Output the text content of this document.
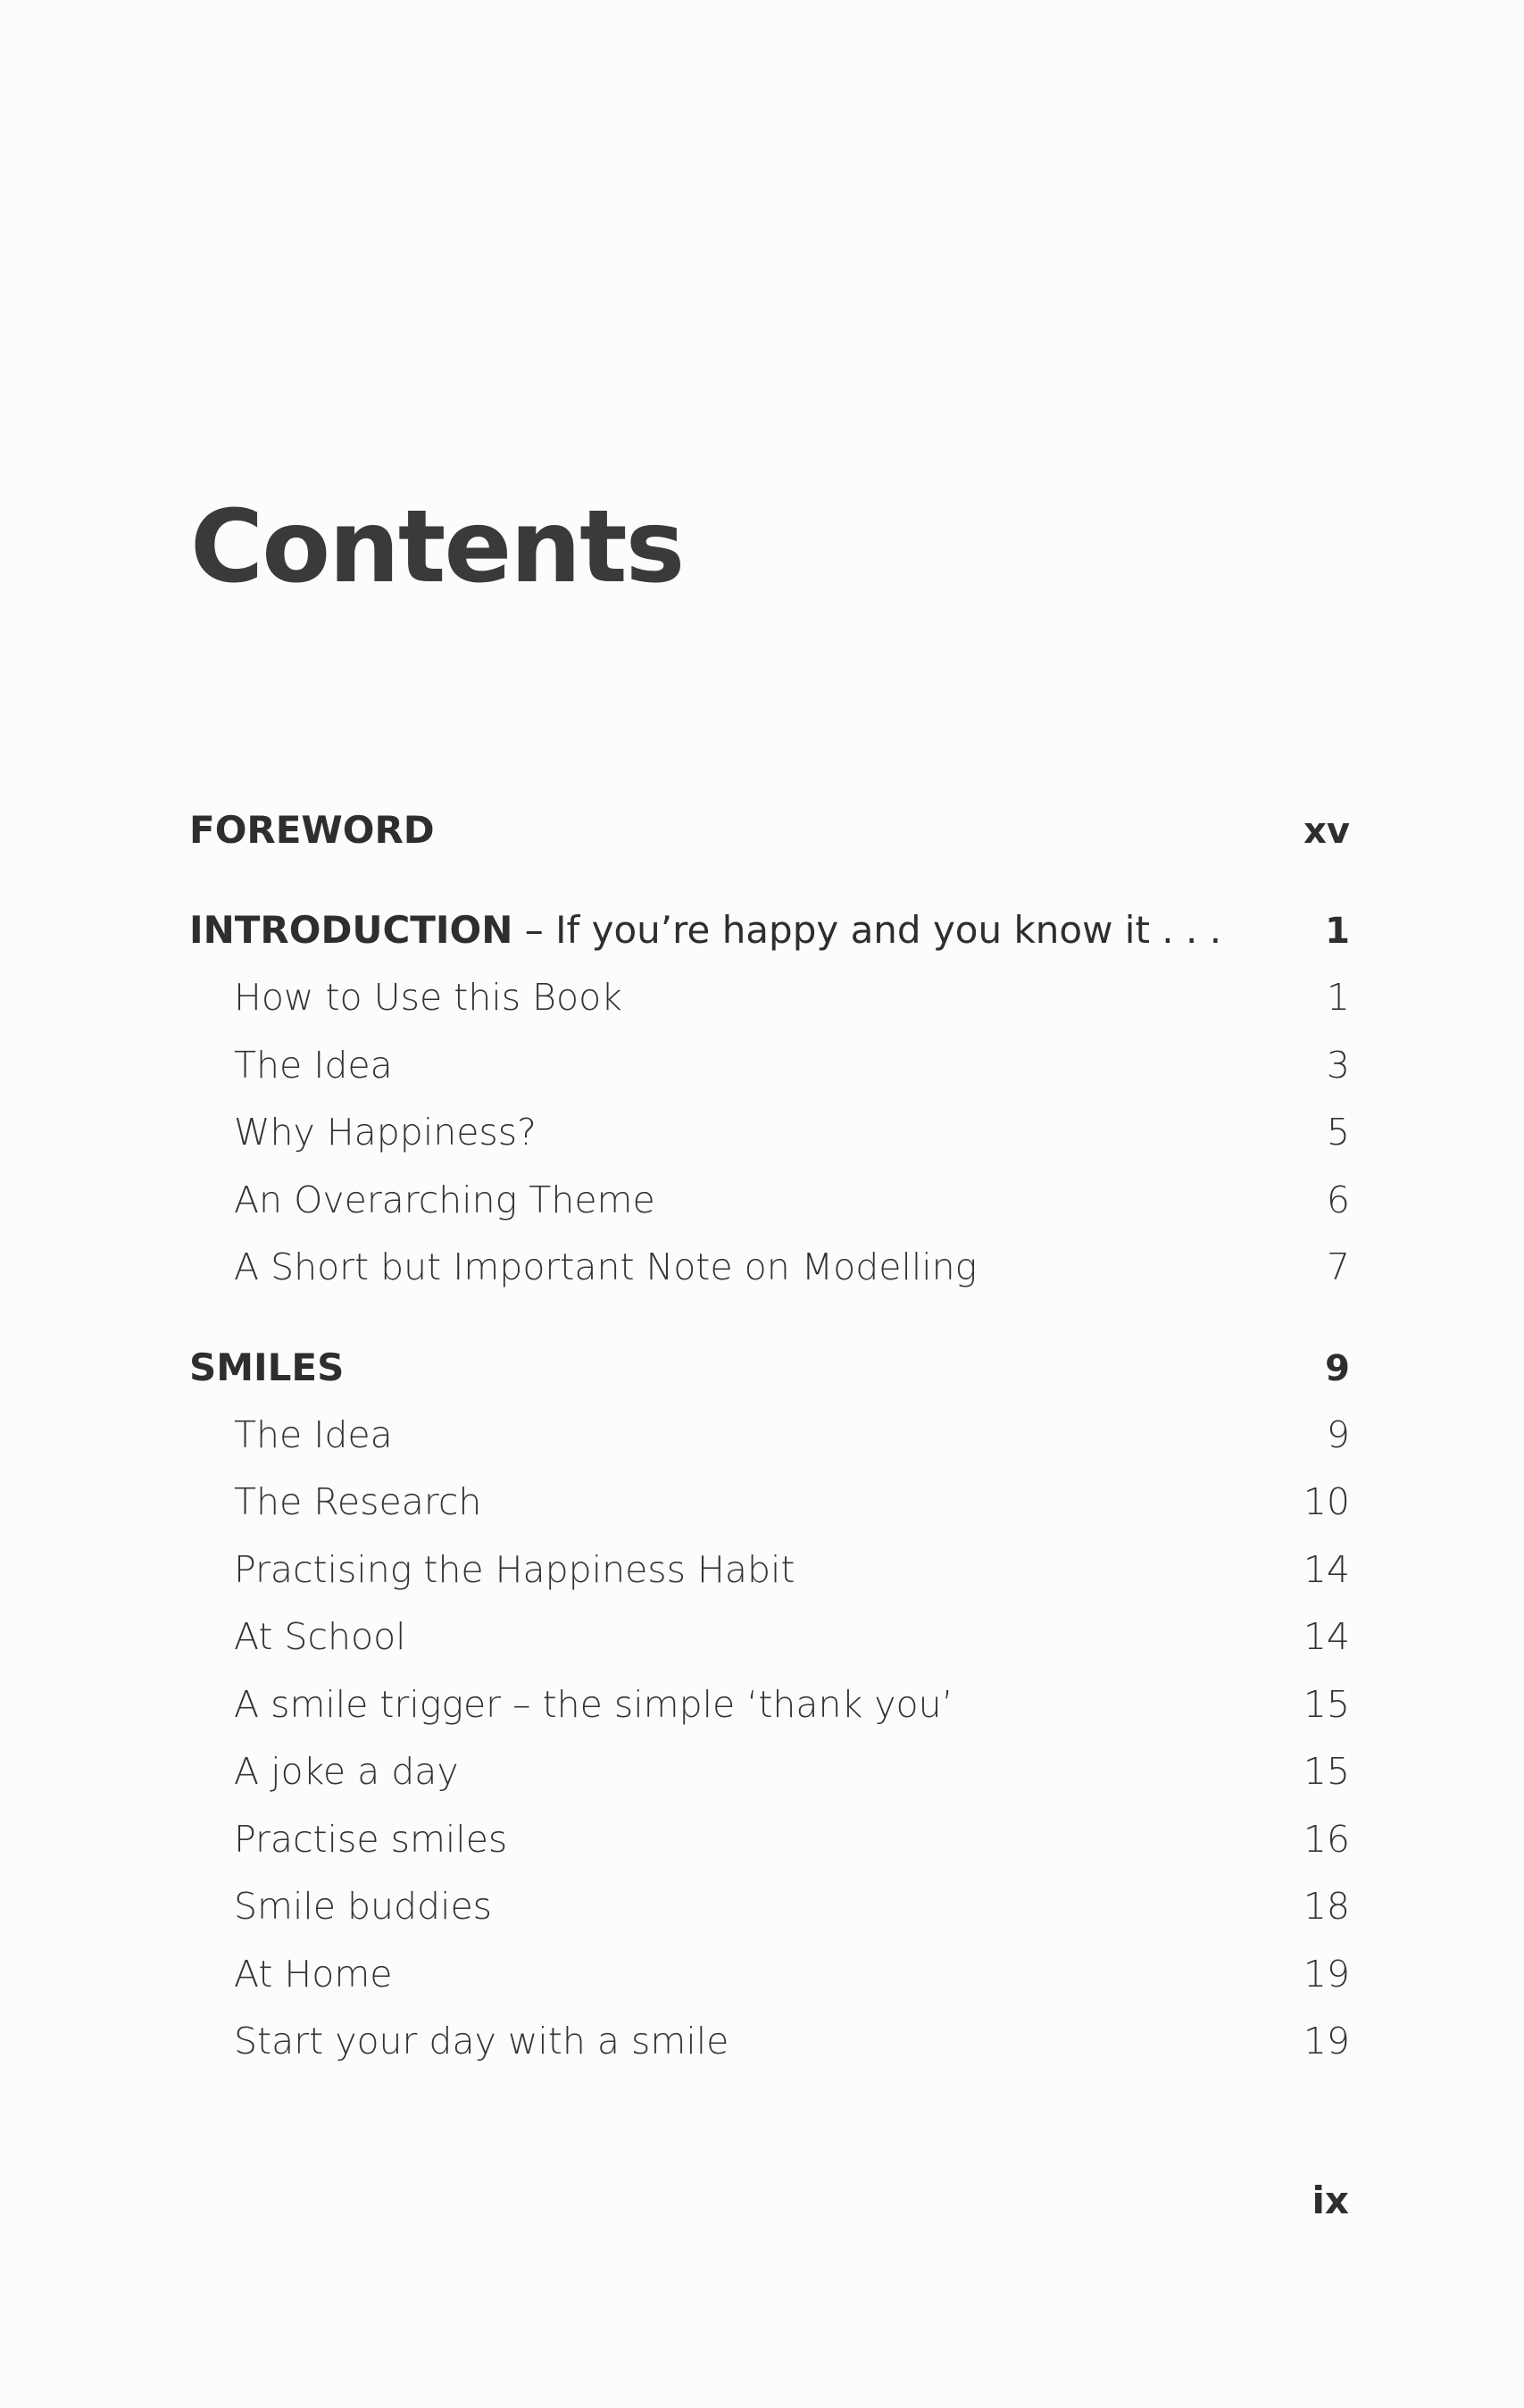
Contents
FOREWORD	xv
INTRODUCTION – If you’re happy and you know it . . .	1
How to Use this Book	1
The Idea	3
Why Happiness?	5
An Overarching Theme	6
A Short but Important Note on Modelling	7
SMILES	9
The Idea	9
The Research	10
Practising the Happiness Habit	14
At School	14
A smile trigger – the simple ‘thank you’	15
A joke a day	15
Practise smiles	16
Smile buddies	18
At Home	19
Start your day with a smile	19
ix
